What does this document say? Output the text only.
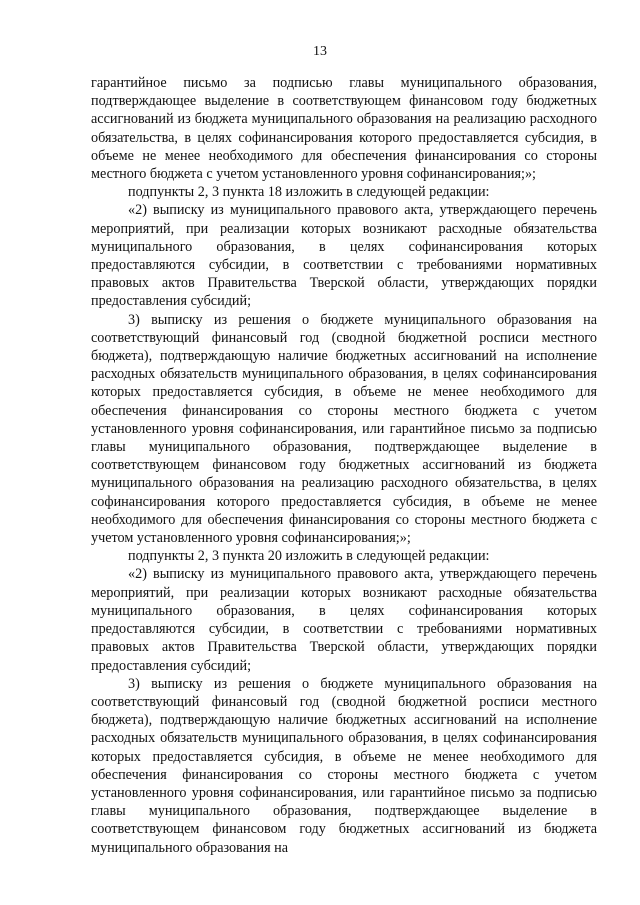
13

гарантийное письмо за подписью главы муниципального образования, подтверждающее выделение в соответствующем финансовом году бюджетных ассигнований из бюджета муниципального образования на реализацию расходного обязательства, в целях софинансирования которого предоставляется субсидия, в объеме не менее необходимого для обеспечения финансирования со стороны местного бюджета с учетом установленного уровня софинансирования;»;

подпункты 2, 3 пункта 18 изложить в следующей редакции:

«2) выписку из муниципального правового акта, утверждающего перечень мероприятий, при реализации которых возникают расходные обязательства муниципального образования, в целях софинансирования которых предоставляются субсидии, в соответствии с требованиями нормативных правовых актов Правительства Тверской области, утверждающих порядки предоставления субсидий;

3) выписку из решения о бюджете муниципального образования на соответствующий финансовый год (сводной бюджетной росписи местного бюджета), подтверждающую наличие бюджетных ассигнований на исполнение расходных обязательств муниципального образования, в целях софинансирования которых предоставляется субсидия, в объеме не менее необходимого для обеспечения финансирования со стороны местного бюджета с учетом установленного уровня софинансирования, или гарантийное письмо за подписью главы муниципального образования, подтверждающее выделение в соответствующем финансовом году бюджетных ассигнований из бюджета муниципального образования на реализацию расходного обязательства, в целях софинансирования которого предоставляется субсидия, в объеме не менее необходимого для обеспечения финансирования со стороны местного бюджета с учетом установленного уровня софинансирования;»;

подпункты 2, 3 пункта 20 изложить в следующей редакции:

«2) выписку из муниципального правового акта, утверждающего перечень мероприятий, при реализации которых возникают расходные обязательства муниципального образования, в целях софинансирования которых предоставляются субсидии, в соответствии с требованиями нормативных правовых актов Правительства Тверской области, утверждающих порядки предоставления субсидий;

3) выписку из решения о бюджете муниципального образования на соответствующий финансовый год (сводной бюджетной росписи местного бюджета), подтверждающую наличие бюджетных ассигнований на исполнение расходных обязательств муниципального образования, в целях софинансирования которых предоставляется субсидия, в объеме не менее необходимого для обеспечения финансирования со стороны местного бюджета с учетом установленного уровня софинансирования, или гарантийное письмо за подписью главы муниципального образования, подтверждающее выделение в соответствующем финансовом году бюджетных ассигнований из бюджета муниципального образования на
